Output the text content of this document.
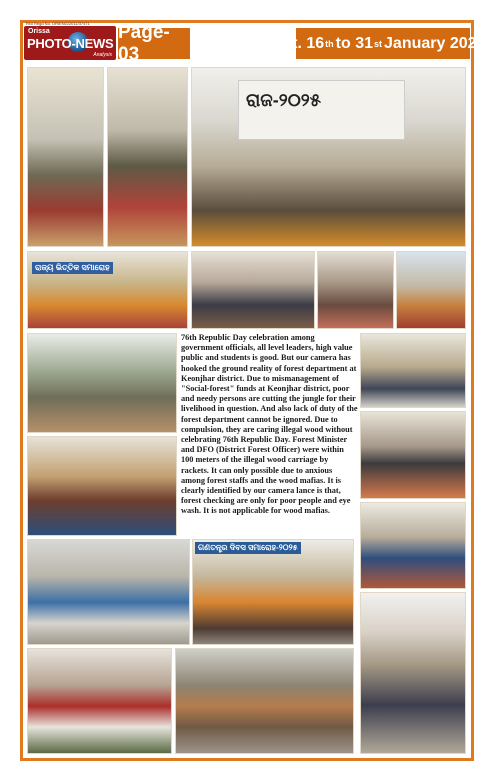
RNI Regd No. ORIENG/2011/37471
Orissa
PHOTO-NEWS
Analysis
Page-03
Dt. 16 th to 31 st January 2025
ରାଜ-୨୦୨୫
ରାଜ୍ୟ ଭିତ୍ତିକ ସମାରୋହ
ଗଣତନ୍ତ୍ର ଦିବସ ସମାରୋହ-୨୦୨୫
76th Republic Day celebration among government officials, all level leaders, high value public and students is good. But our camera has hooked the ground reality of forest department at Keonjhar district. Due to mismanagement of "Social-forest" funds at Keonjhar district, poor and needy persons are cutting the jungle for their livelihood in question. And also lack of duty of the forest department cannot be ignored. Due to compulsion, they are caring illegal wood without celebrating 76th Republic Day. Forest Minister and DFO (District Forest Officer) were within 100 meters of the illegal wood carriage by rackets. It can only possible due to anxious among forest staffs and the wood mafias. It is clearly identified by our camera lance is that, forest checking are only for poor people and eye wash. It is not applicable for wood mafias.
